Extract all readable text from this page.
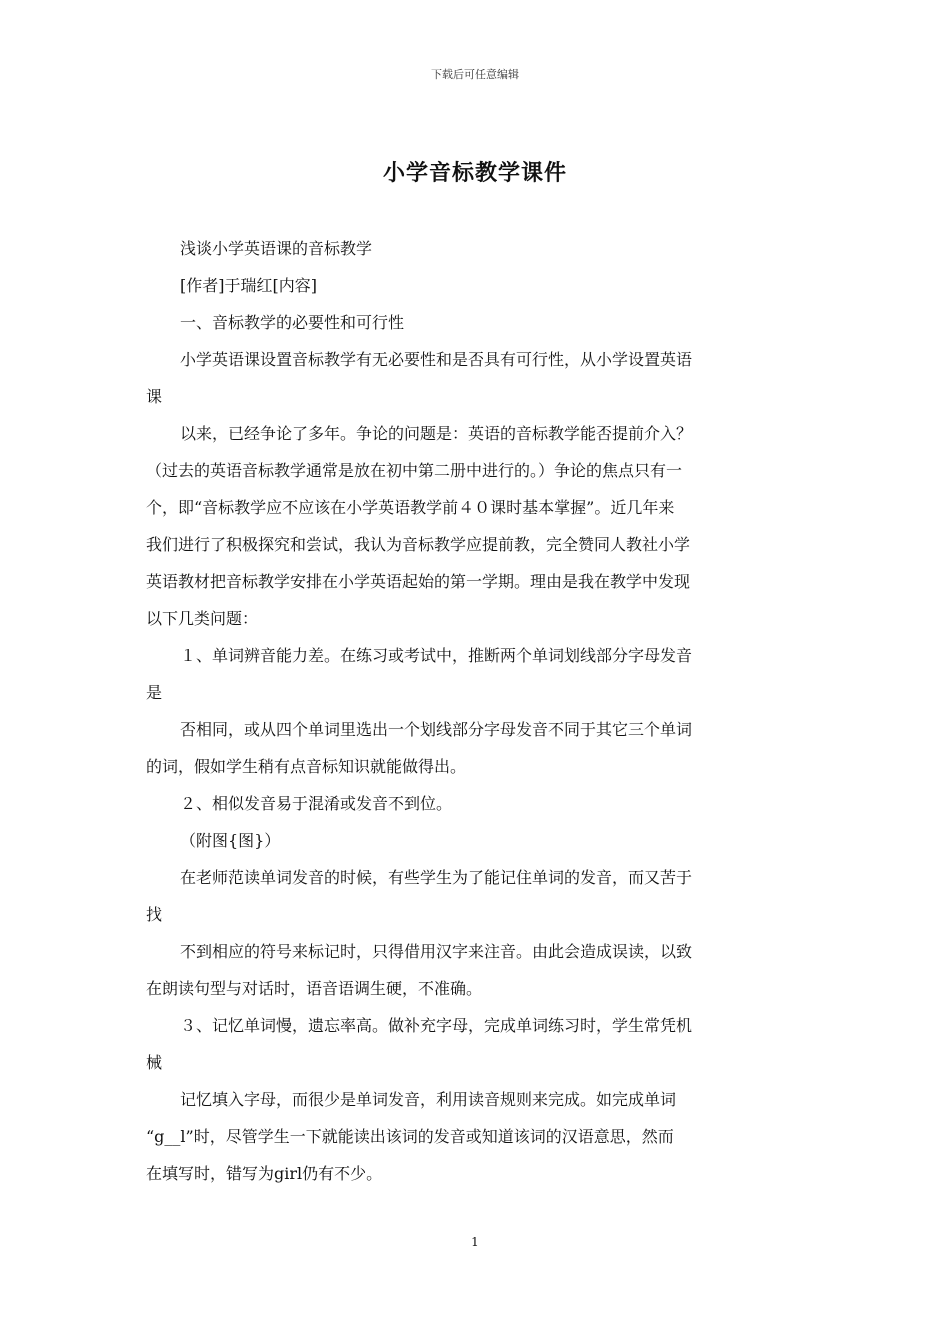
下载后可任意编辑
小学音标教学课件
浅谈小学英语课的音标教学
[作者]于瑞红[内容]
一、音标教学的必要性和可行性
小学英语课设置音标教学有无必要性和是否具有可行性，从小学设置英语
课
以来，已经争论了多年。争论的问题是：英语的音标教学能否提前介入？
（过去的英语音标教学通常是放在初中第二册中进行的。）争论的焦点只有一
个，即“音标教学应不应该在小学英语教学前４０课时基本掌握”。近几年来
我们进行了积极探究和尝试，我认为音标教学应提前教，完全赞同人教社小学
英语教材把音标教学安排在小学英语起始的第一学期。理由是我在教学中发现
以下几类问题：
１、单词辨音能力差。在练习或考试中，推断两个单词划线部分字母发音
是
否相同，或从四个单词里选出一个划线部分字母发音不同于其它三个单词
的词，假如学生稍有点音标知识就能做得出。
２、相似发音易于混淆或发音不到位。
（附图{图}）
在老师范读单词发音的时候，有些学生为了能记住单词的发音，而又苦于
找
不到相应的符号来标记时，只得借用汉字来注音。由此会造成误读，以致
在朗读句型与对话时，语音语调生硬，不准确。
３、记忆单词慢，遗忘率高。做补充字母，完成单词练习时，学生常凭机
械
记忆填入字母，而很少是单词发音，利用读音规则来完成。如完成单词
“g__l”时，尽管学生一下就能读出该词的发音或知道该词的汉语意思，然而
在填写时，错写为girl仍有不少。
1
